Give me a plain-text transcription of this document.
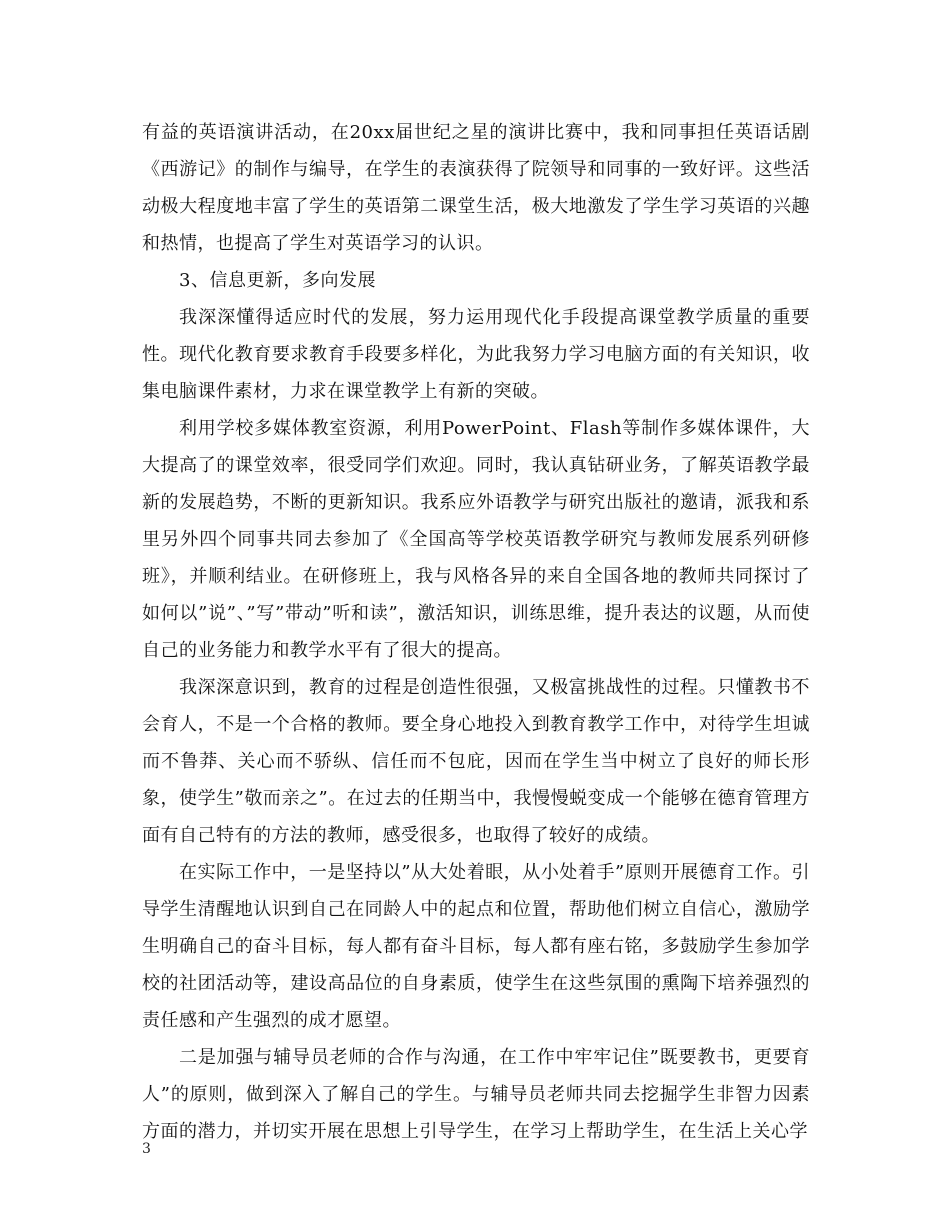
有益的英语演讲活动，在20xx届世纪之星的演讲比赛中，我和同事担任英语话剧《西游记》的制作与编导，在学生的表演获得了院领导和同事的一致好评。这些活动极大程度地丰富了学生的英语第二课堂生活，极大地激发了学生学习英语的兴趣和热情，也提高了学生对英语学习的认识。

3、信息更新，多向发展

我深深懂得适应时代的发展，努力运用现代化手段提高课堂教学质量的重要性。现代化教育要求教育手段要多样化，为此我努力学习电脑方面的有关知识，收集电脑课件素材，力求在课堂教学上有新的突破。

利用学校多媒体教室资源，利用PowerPoint、Flash等制作多媒体课件，大大提高了的课堂效率，很受同学们欢迎。同时，我认真钻研业务，了解英语教学最新的发展趋势，不断的更新知识。我系应外语教学与研究出版社的邀请，派我和系里另外四个同事共同去参加了《全国高等学校英语教学研究与教师发展系列研修班》，并顺利结业。在研修班上，我与风格各异的来自全国各地的教师共同探讨了如何以”说”、”写”带动”听和读”，激活知识，训练思维，提升表达的议题，从而使自己的业务能力和教学水平有了很大的提高。

我深深意识到，教育的过程是创造性很强，又极富挑战性的过程。只懂教书不会育人，不是一个合格的教师。要全身心地投入到教育教学工作中，对待学生坦诚而不鲁莽、关心而不骄纵、信任而不包庇，因而在学生当中树立了良好的师长形象，使学生”敬而亲之”。在过去的任期当中，我慢慢蜕变成一个能够在德育管理方面有自己特有的方法的教师，感受很多，也取得了较好的成绩。

在实际工作中，一是坚持以”从大处着眼，从小处着手”原则开展德育工作。引导学生清醒地认识到自己在同龄人中的起点和位置，帮助他们树立自信心，激励学生明确自己的奋斗目标，每人都有奋斗目标，每人都有座右铭，多鼓励学生参加学校的社团活动等，建设高品位的自身素质，使学生在这些氛围的熏陶下培养强烈的责任感和产生强烈的成才愿望。

二是加强与辅导员老师的合作与沟通，在工作中牢牢记住”既要教书，更要育人”的原则，做到深入了解自己的学生。与辅导员老师共同去挖掘学生非智力因素方面的潜力，并切实开展在思想上引导学生，在学习上帮助学生，在生活上关心学

3
